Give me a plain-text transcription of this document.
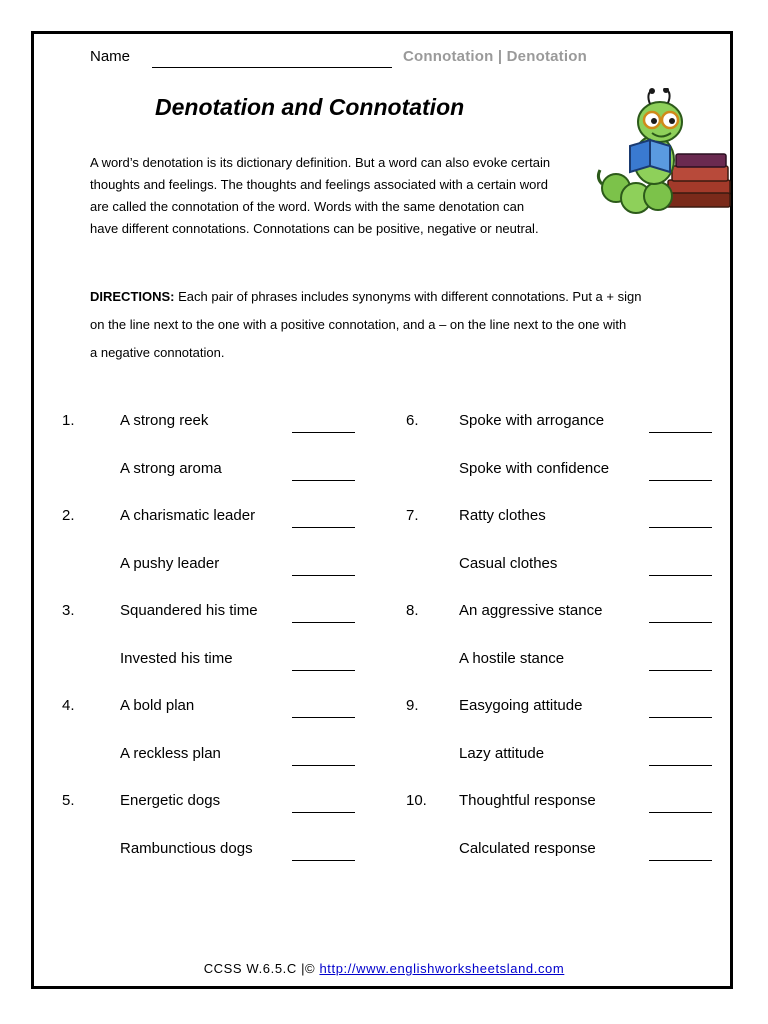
Name	Connotation | Denotation
Denotation and Connotation
A word’s denotation is its dictionary definition. But a word can also evoke certain
thoughts and feelings. The thoughts and feelings associated with a certain word
are called the connotation of the word. Words with the same denotation can
have different connotations. Connotations can be positive, negative or neutral.
DIRECTIONS: Each pair of phrases includes synonyms with different connotations. Put a + sign
on the line next to the one with a positive connotation, and a – on the line next to the one with
a negative connotation.
1.	A strong reek
A strong aroma
2.	A charismatic leader
A pushy leader
3.	Squandered his time
Invested his time
4.	A bold plan
A reckless plan
5.	Energetic dogs
Rambunctious dogs
6.	Spoke with arrogance
Spoke with confidence
7.	Ratty clothes
Casual clothes
8.	An aggressive stance
A hostile stance
9.	Easygoing attitude
Lazy attitude
10. Thoughtful response
Calculated response
CCSS W.6.5.C |© http://www.englishworksheetsland.com
